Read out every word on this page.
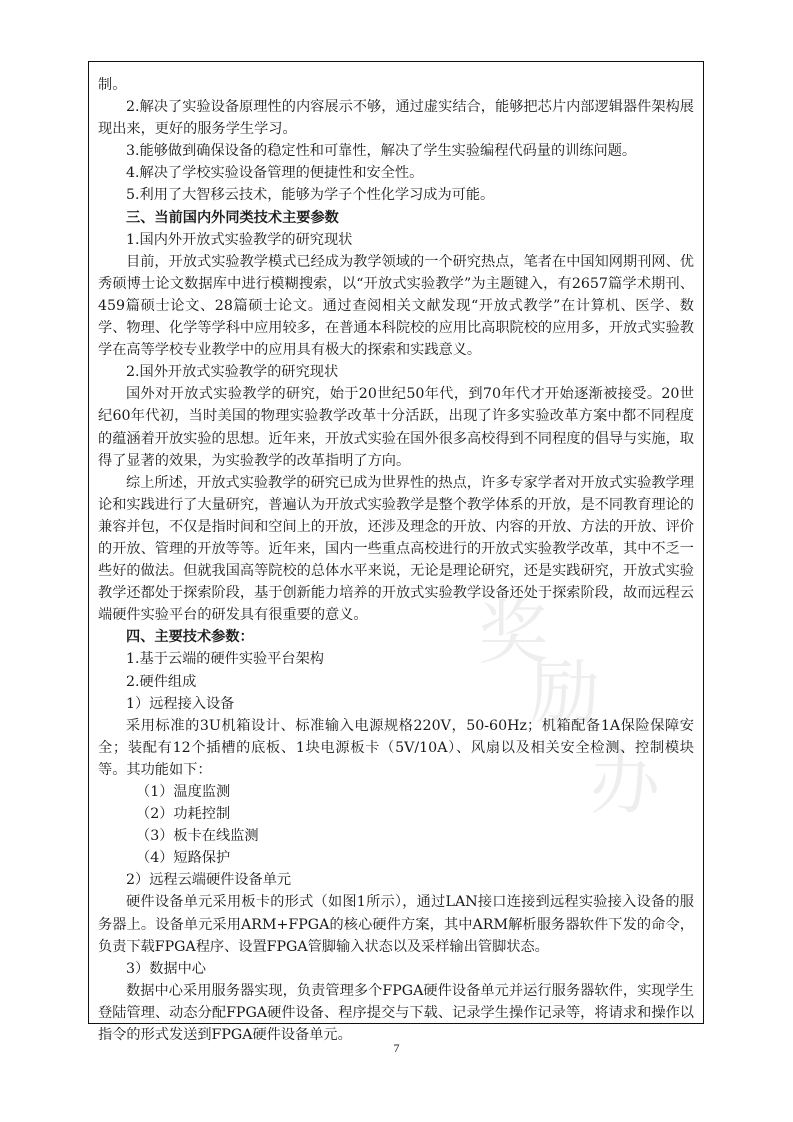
奖
励
办

制。

2.解决了实验设备原理性的内容展示不够，通过虚实结合，能够把芯片内部逻辑器件架构展现出来，更好的服务学生学习。

3.能够做到确保设备的稳定性和可靠性，解决了学生实验编程代码量的训练问题。

4.解决了学校实验设备管理的便捷性和安全性。

5.利用了大智移云技术，能够为学子个性化学习成为可能。

三、当前国内外同类技术主要参数

1.国内外开放式实验教学的研究现状

目前，开放式实验教学模式已经成为教学领域的一个研究热点，笔者在中国知网期刊网、优秀硕博士论文数据库中进行模糊搜索，以“开放式实验教学”为主题键入，有2657篇学术期刊、459篇硕士论文、28篇硕士论文。通过查阅相关文献发现“开放式教学”在计算机、医学、数学、物理、化学等学科中应用较多，在普通本科院校的应用比高职院校的应用多，开放式实验教学在高等学校专业教学中的应用具有极大的探索和实践意义。

2.国外开放式实验教学的研究现状

国外对开放式实验教学的研究，始于20世纪50年代，到70年代才开始逐渐被接受。20世纪60年代初，当时美国的物理实验教学改革十分活跃，出现了许多实验改革方案中都不同程度的蕴涵着开放实验的思想。近年来，开放式实验在国外很多高校得到不同程度的倡导与实施，取得了显著的效果，为实验教学的改革指明了方向。

综上所述，开放式实验教学的研究已成为世界性的热点，许多专家学者对开放式实验教学理论和实践进行了大量研究，普遍认为开放式实验教学是整个教学体系的开放，是不同教育理论的兼容并包，不仅是指时间和空间上的开放，还涉及理念的开放、内容的开放、方法的开放、评价的开放、管理的开放等等。近年来，国内一些重点高校进行的开放式实验教学改革，其中不乏一些好的做法。但就我国高等院校的总体水平来说，无论是理论研究，还是实践研究，开放式实验教学还都处于探索阶段，基于创新能力培养的开放式实验教学设备还处于探索阶段，故而远程云端硬件实验平台的研发具有很重要的意义。

四、主要技术参数：

1.基于云端的硬件实验平台架构

2.硬件组成

1）远程接入设备

采用标准的3U机箱设计、标准输入电源规格220V，50-60Hz；机箱配备1A保险保障安全；装配有12个插槽的底板、1块电源板卡（5V/10A）、风扇以及相关安全检测、控制模块等。其功能如下：

（1）温度监测

（2）功耗控制

（3）板卡在线监测

（4）短路保护

2）远程云端硬件设备单元

硬件设备单元采用板卡的形式（如图1所示），通过LAN接口连接到远程实验接入设备的服务器上。设备单元采用ARM+FPGA的核心硬件方案，其中ARM解析服务器软件下发的命令，负责下载FPGA程序、设置FPGA管脚输入状态以及采样输出管脚状态。

3）数据中心

数据中心采用服务器实现，负责管理多个FPGA硬件设备单元并运行服务器软件，实现学生登陆管理、动态分配FPGA硬件设备、程序提交与下载、记录学生操作记录等，将请求和操作以指令的形式发送到FPGA硬件设备单元。

7
